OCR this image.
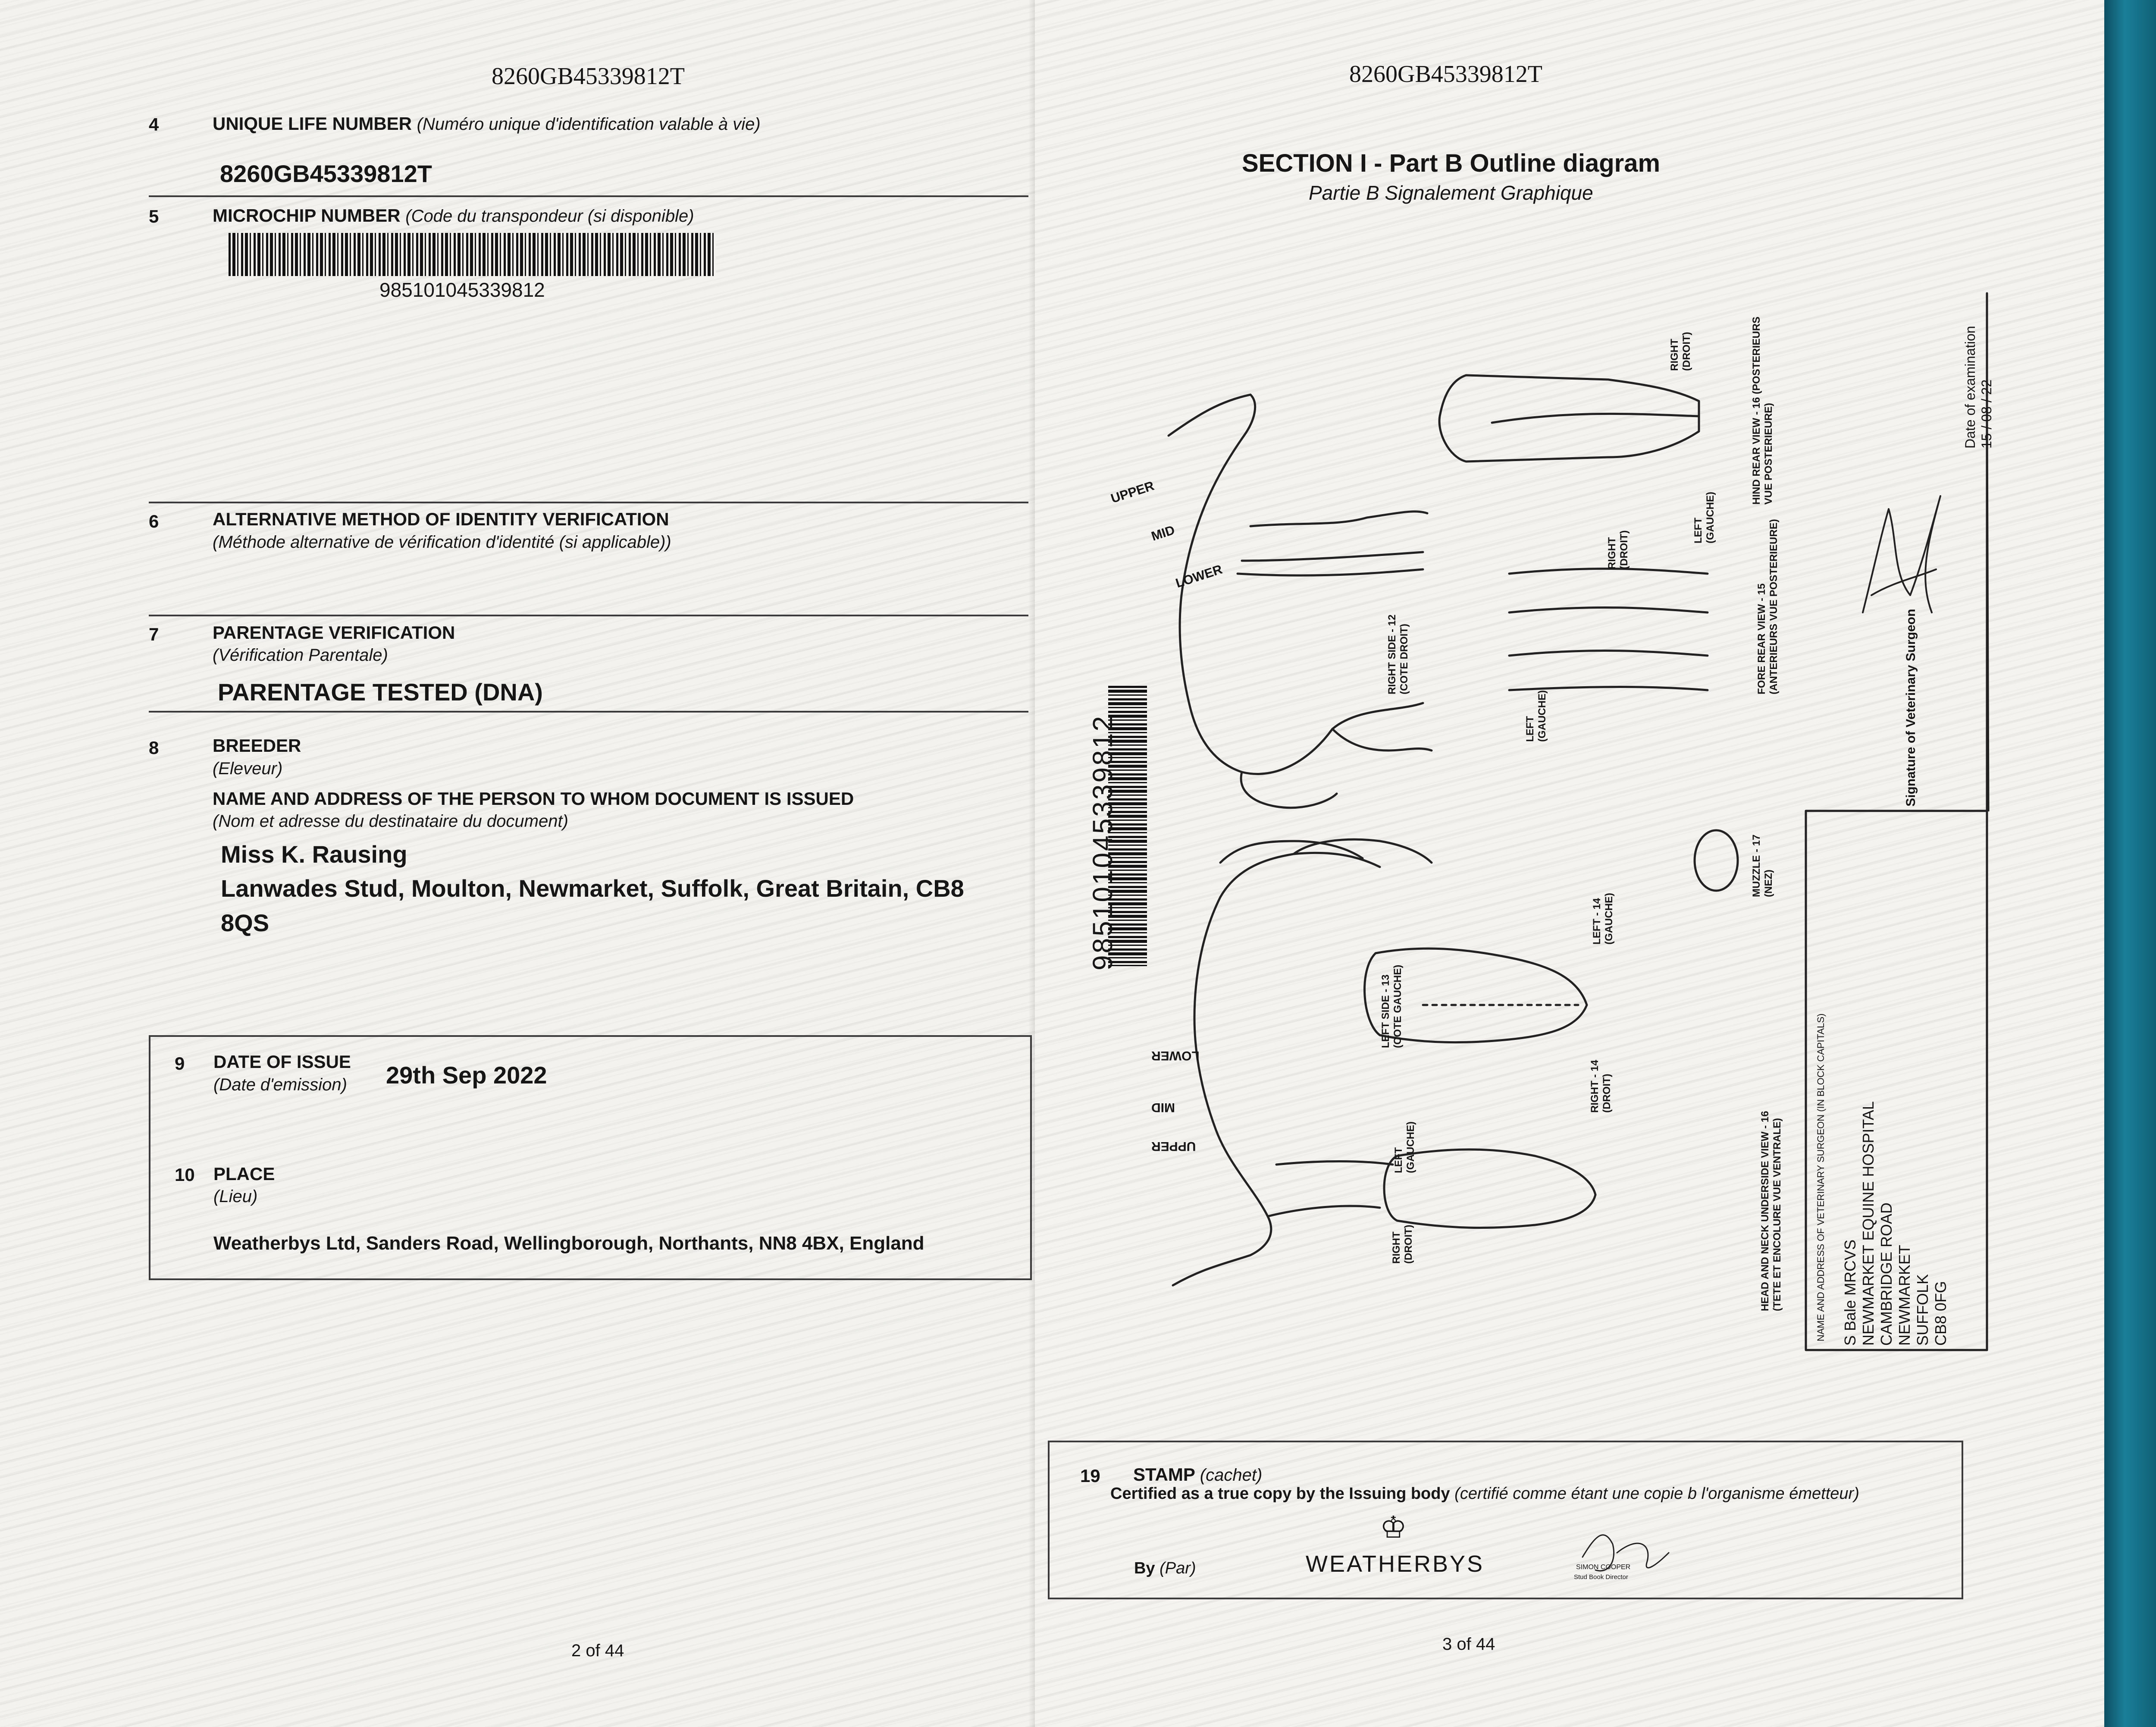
8260GB45339812T
4	UNIQUE LIFE NUMBER (Numéro unique d'identification valable à vie)
8260GB45339812T
5	MICROCHIP NUMBER (Code du transpondeur (si disponible)
985101045339812
6	ALTERNATIVE METHOD OF IDENTITY VERIFICATION
(Méthode alternative de vérification d'identité (si applicable))
7	PARENTAGE VERIFICATION
(Vérification Parentale)
PARENTAGE TESTED (DNA)
8	BREEDER
(Eleveur)
NAME AND ADDRESS OF THE PERSON TO WHOM DOCUMENT IS ISSUED
(Nom et adresse du destinataire du document)
Miss K. Rausing
Lanwades Stud, Moulton, Newmarket, Suffolk, Great Britain, CB8
8QS
9 DATE OF ISSUE
(Date d'emission) 29th Sep 2022
10 PLACE
(Lieu)
Weatherbys Ltd, Sanders Road, Wellingborough, Northants, NN8 4BX, England
2 of 44
8260GB45339812T
SECTION I - Part B Outline diagram
Partie B Signalement Graphique
985101045339812
UPPER
MID
LOWER
LOWER
MID
UPPER
RIGHT SIDE - 12 (COTE DROIT)
LEFT SIDE - 13 (COTE GAUCHE)
LEFT (GAUCHE)
RIGHT (DROIT)	LEFT (GAUCHE)
RIGHT (DROIT)
FORE REAR VIEW - 15 (ANTERIEURS VUE POSTERIEURE)
HIND REAR VIEW - 16 (POSTERIEURS VUE POSTERIEURE)
MUZZLE - 17 (NEZ)
LEFT - 14 (GAUCHE)
RIGHT - 14 (DROIT)
LEFT (GAUCHE)
RIGHT (DROIT)	HEAD AND NECK UNDERSIDE VIEW - 16 (TETE ET ENCOLURE VUE VENTRALE)	NAME AND ADDRESS OF VETERINARY SURGEON (IN BLOCK CAPITALS) S Bale MRCVS NEWMARKET EQUINE HOSPITAL CAMBRIDGE ROAD NEWMARKET SUFFOLK CB8 0FG
Signature of Veterinary Surgeon
Date of examination 15 / 08 / 22
19 STAMP (cachet)
Certified as a true copy by the Issuing body (certifié comme étant une copie b l'organisme émetteur)
By (Par)
♔
WEATHERBYS	SIMON COOPER
Stud Book Director
3 of 44
